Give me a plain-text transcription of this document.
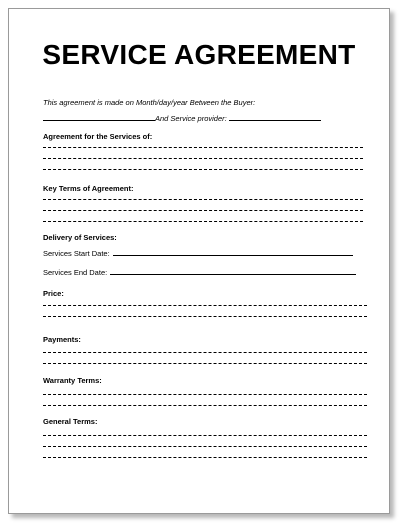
SERVICE AGREEMENT
This agreement is made on Month/day/year Between the Buyer:
And Service provider:

Agreement for the Services of:

Key Terms of Agreement:

Delivery of Services:

Services Start Date:
Services End Date:

Price:

Payments:

Warranty Terms:

General Terms:
